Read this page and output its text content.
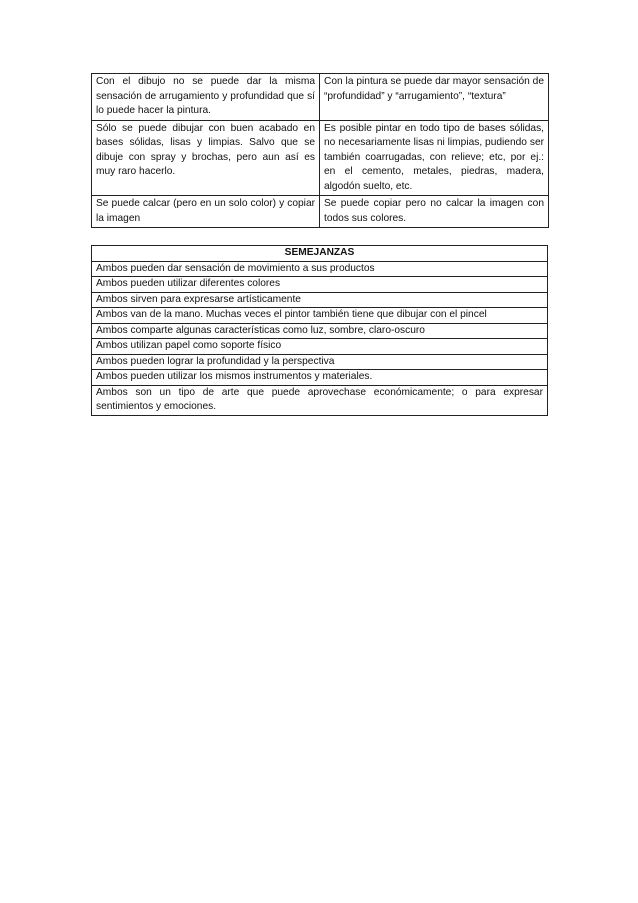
Con el dibujo no se puede dar la misma sensación de arrugamiento y profundidad que sí lo puede hacer la pintura.	Con la pintura se puede dar mayor sensación de “profundidad” y “arrugamiento”, “textura”
Sólo se puede dibujar con buen acabado en bases sólidas, lisas y limpias. Salvo que se dibuje con spray y brochas, pero aun así es muy raro hacerlo.	Es posible pintar en todo tipo de bases sólidas, no necesariamente lisas ni limpias, pudiendo ser también coarrugadas, con relieve; etc, por ej.: en el cemento, metales, piedras, madera, algodón suelto, etc.
Se puede calcar (pero en un solo color) y copiar la imagen	Se puede copiar pero no calcar la imagen con todos sus colores.
SEMEJANZAS
Ambos pueden dar sensación de movimiento a sus productos
Ambos pueden utilizar diferentes colores
Ambos sirven para expresarse artísticamente
Ambos van de la mano. Muchas veces el pintor también tiene que dibujar con el pincel
Ambos comparte algunas características como luz, sombre, claro-oscuro
Ambos utilizan papel como soporte físico
Ambos pueden lograr la profundidad y la perspectiva
Ambos pueden utilizar los mismos instrumentos y materiales.
Ambos son un tipo de arte que puede aprovechase económicamente; o para expresar sentimientos y emociones.
